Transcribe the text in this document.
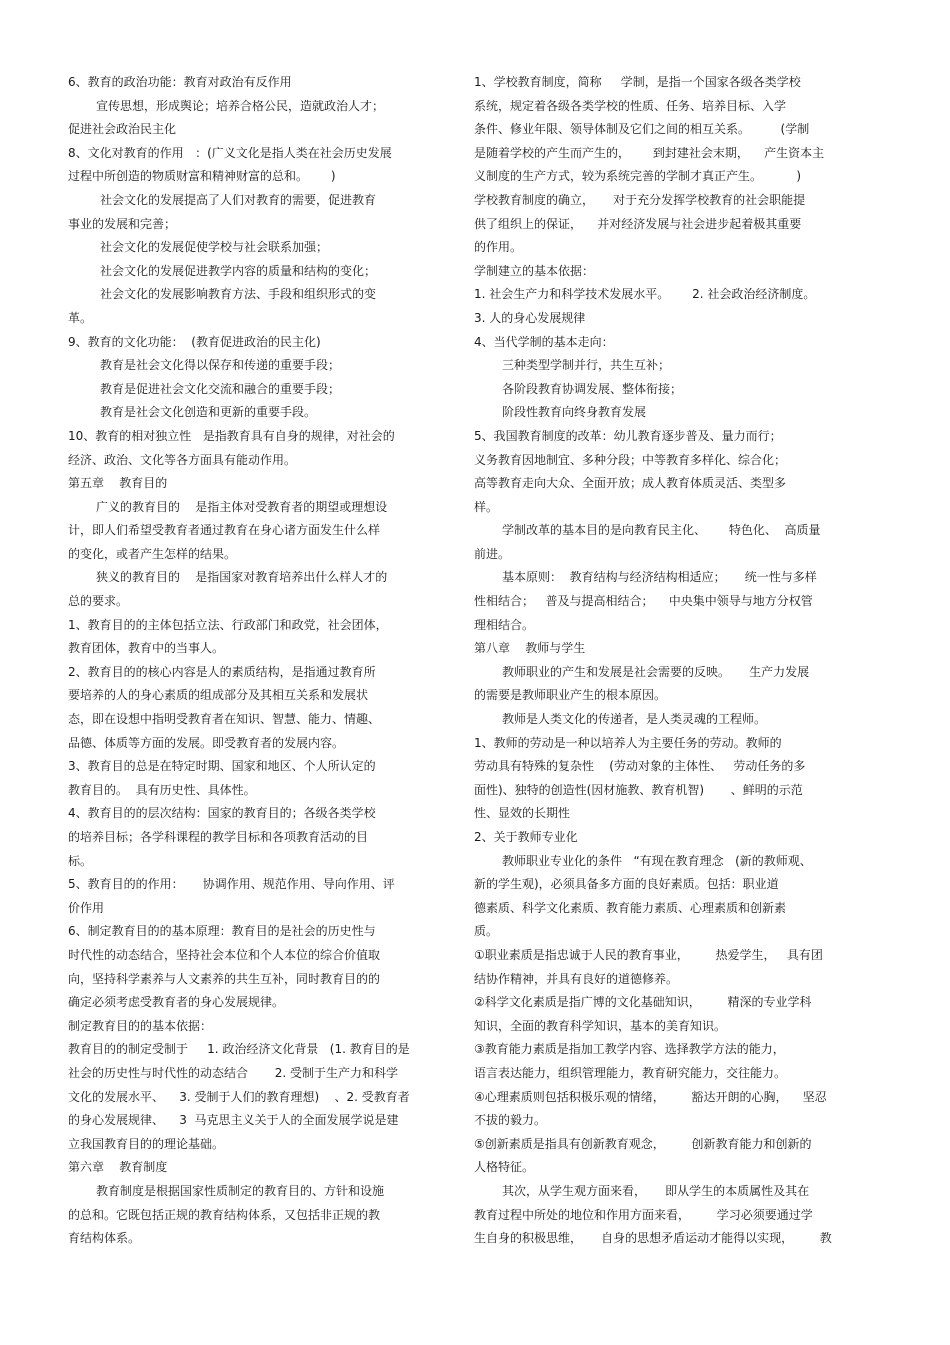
6、教育的政治功能：教育对政治有反作用
宣传思想，形成舆论；培养合格公民，造就政治人才；
促进社会政治民主化
8、文化对教育的作用   ：(广义文化是指人类在社会历史发展
过程中所创造的物质财富和精神财富的总和。      )
社会文化的发展提高了人们对教育的需要，促进教育
事业的发展和完善；
社会文化的发展促使学校与社会联系加强；
社会文化的发展促进教学内容的质量和结构的变化；
社会文化的发展影响教育方法、手段和组织形式的变
革。
9、教育的文化功能：  (教育促进政治的民主化)
教育是社会文化得以保存和传递的重要手段；
教育是促进社会文化交流和融合的重要手段；
教育是社会文化创造和更新的重要手段。
10、教育的相对独立性   是指教育具有自身的规律，对社会的
经济、政治、文化等各方面具有能动作用。
第五章    教育目的
广义的教育目的    是指主体对受教育者的期望或理想设
计，即人们希望受教育者通过教育在身心诸方面发生什么样
的变化，或者产生怎样的结果。
狭义的教育目的    是指国家对教育培养出什么样人才的
总的要求。
1、教育目的的主体包括立法、行政部门和政党，社会团体，
教育团体，教育中的当事人。
2、教育目的的核心内容是人的素质结构，是指通过教育所
要培养的人的身心素质的组成部分及其相互关系和发展状
态，即在设想中指明受教育者在知识、智慧、能力、情趣、
品德、体质等方面的发展。即受教育者的发展内容。
3、教育目的总是在特定时期、国家和地区、个人所认定的
教育目的。  具有历史性、具体性。
4、教育目的的层次结构：国家的教育目的；各级各类学校
的培养目标；各学科课程的教学目标和各项教育活动的目
标。
5、教育目的的作用：     协调作用、规范作用、导向作用、评
价作用
6、制定教育目的的基本原理：教育目的是社会的历史性与
时代性的动态结合，坚持社会本位和个人本位的综合价值取
向，坚持科学素养与人文素养的共生互补，同时教育目的的
确定必须考虑受教育者的身心发展规律。
制定教育目的的基本依据：
教育目的的制定受制于     1. 政治经济文化背景   (1. 教育目的是
社会的历史性与时代性的动态结合       2. 受制于生产力和科学
文化的发展水平、    3. 受制于人们的教育理想)    、2. 受教育者
的身心发展规律、    3  马克思主义关于人的全面发展学说是建
立我国教育目的的理论基础。
第六章    教育制度
教育制度是根据国家性质制定的教育目的、方针和设施
的总和。它既包括正规的教育结构体系，又包括非正规的教
育结构体系。
1、学校教育制度，简称     学制，是指一个国家各级各类学校
系统，规定着各级各类学校的性质、任务、培养目标、入学
条件、修业年限、领导体制及它们之间的相互关系。        (学制
是随着学校的产生而产生的，      到封建社会末期，    产生资本主
义制度的生产方式，较为系统完善的学制才真正产生。         )
学校教育制度的确立，     对于充分发挥学校教育的社会职能提
供了组织上的保证，    并对经济发展与社会进步起着极其重要
的作用。
学制建立的基本依据：
1. 社会生产力和科学技术发展水平。      2. 社会政治经济制度。
3. 人的身心发展规律
4、当代学制的基本走向：
三种类型学制并行，共生互补；
各阶段教育协调发展、整体衔接；
阶段性教育向终身教育发展
5、我国教育制度的改革：幼儿教育逐步普及、量力而行；
义务教育因地制宜、多种分段；中等教育多样化、综合化；
高等教育走向大众、全面开放；成人教育体质灵活、类型多
样。
学制改革的基本目的是向教育民主化、      特色化、  高质量
前进。
基本原则：  教育结构与经济结构相适应；     统一性与多样
性相结合；   普及与提高相结合；    中央集中领导与地方分权管
理相结合。
第八章    教师与学生
教师职业的产生和发展是社会需要的反映。     生产力发展
的需要是教师职业产生的根本原因。
教师是人类文化的传递者，是人类灵魂的工程师。
1、教师的劳动是一种以培养人为主要任务的劳动。教师的
劳动具有特殊的复杂性    (劳动对象的主体性、   劳动任务的多
面性)、独特的创造性(因材施教、教育机智)       、鲜明的示范
性、显效的长期性
2、关于教师专业化
教师职业专业化的条件   “有现在教育理念   (新的教师观、
新的学生观)，必须具备多方面的良好素质。包括：职业道
德素质、科学文化素质、教育能力素质、心理素质和创新素
质。
①职业素质是指忠诚于人民的教育事业，       热爱学生，   具有团
结协作精神，并具有良好的道德修养。
②科学文化素质是指广博的文化基础知识，       精深的专业学科
知识，全面的教育科学知识，基本的美育知识。
③教育能力素质是指加工教学内容、选择教学方法的能力，
语言表达能力，组织管理能力，教育研究能力，交往能力。
④心理素质则包括积极乐观的情绪，       豁达开朗的心胸，    坚忍
不拔的毅力。
⑤创新素质是指具有创新教育观念，       创新教育能力和创新的
人格特征。
其次，从学生观方面来看，     即从学生的本质属性及其在
教育过程中所处的地位和作用方面来看，       学习必须要通过学
生自身的积极思维，     自身的思想矛盾运动才能得以实现，       教
